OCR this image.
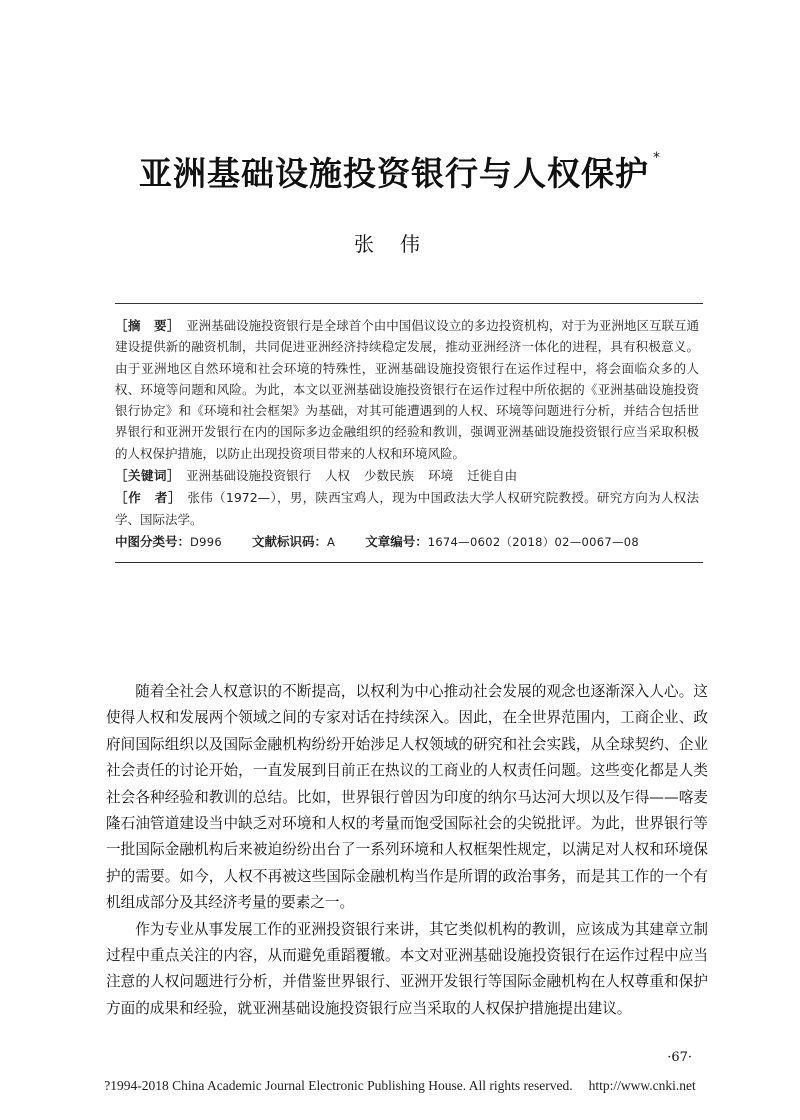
亚洲基础设施投资银行与人权保护 *
张伟

［摘　要］ 亚洲基础设施投资银行是全球首个由中国倡议设立的多边投资机构，对于为亚洲地区互联互通建设提供新的融资机制，共同促进亚洲经济持续稳定发展，推动亚洲经济一体化的进程，具有积极意义。由于亚洲地区自然环境和社会环境的特殊性，亚洲基础设施投资银行在运作过程中，将会面临众多的人权、环境等问题和风险。为此，本文以亚洲基础设施投资银行在运作过程中所依据的《亚洲基础设施投资银行协定》和《环境和社会框架》为基础，对其可能遭遇到的人权、环境等问题进行分析，并结合包括世界银行和亚洲开发银行在内的国际多边金融组织的经验和教训，强调亚洲基础设施投资银行应当采取积极的人权保护措施，以防止出现投资项目带来的人权和环境风险。

［关键词］ 亚洲基础设施投资银行 人权 少数民族 环境 迁徙自由

［作　者］ 张伟（1972—），男，陕西宝鸡人，现为中国政法大学人权研究院教授。研究方向为人权法学、国际法学。

中图分类号：D996 文献标识码：A 文章编号：1674—0602（2018）02—0067—08

随着全社会人权意识的不断提高，以权利为中心推动社会发展的观念也逐渐深入人心。这使得人权和发展两个领域之间的专家对话在持续深入。因此，在全世界范围内，工商企业、政府间国际组织以及国际金融机构纷纷开始涉足人权领域的研究和社会实践，从全球契约、企业社会责任的讨论开始，一直发展到目前正在热议的工商业的人权责任问题。这些变化都是人类社会各种经验和教训的总结。比如，世界银行曾因为印度的纳尔马达河大坝以及乍得——喀麦隆石油管道建设当中缺乏对环境和人权的考量而饱受国际社会的尖锐批评。为此，世界银行等一批国际金融机构后来被迫纷纷出台了一系列环境和人权框架性规定，以满足对人权和环境保护的需要。如今，人权不再被这些国际金融机构当作是所谓的政治事务，而是其工作的一个有机组成部分及其经济考量的要素之一。

作为专业从事发展工作的亚洲投资银行来讲，其它类似机构的教训，应该成为其建章立制过程中重点关注的内容，从而避免重蹈覆辙。本文对亚洲基础设施投资银行在运作过程中应当注意的人权问题进行分析，并借鉴世界银行、亚洲开发银行等国际金融机构在人权尊重和保护方面的成果和经验，就亚洲基础设施投资银行应当采取的人权保护措施提出建议。

·67·
?1994-2018 China Academic Journal Electronic Publishing House. All rights reserved. http://www.cnki.net
